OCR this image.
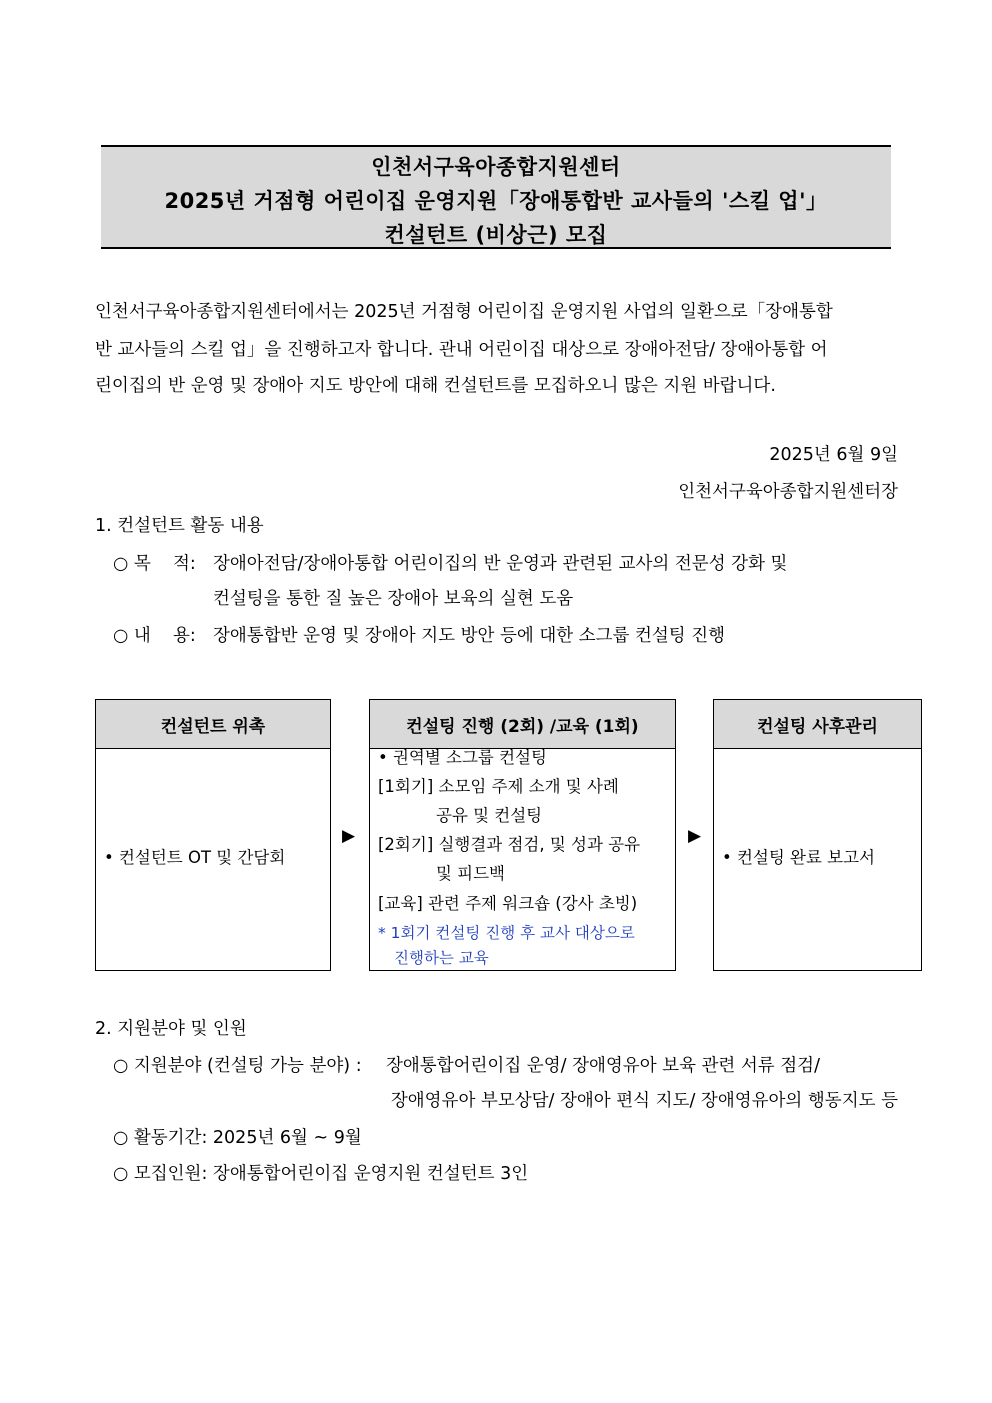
인천서구육아종합지원센터
2025년 거점형 어린이집 운영지원「장애통합반 교사들의 '스킬 업'」
컨설턴트 (비상근) 모집
인천서구육아종합지원센터에서는 2025년 거점형 어린이집 운영지원 사업의 일환으로「장애통합
반 교사들의 스킬 업」을 진행하고자 합니다. 관내 어린이집 대상으로 장애아전담/ 장애아통합 어
린이집의 반 운영 및 장애아 지도 방안에 대해 컨설턴트를 모집하오니 많은 지원 바랍니다.
2025년 6월 9일
인천서구육아종합지원센터장
1. 컨설턴트 활동 내용
○ 목    적: 장애아전담/장애아통합 어린이집의 반 운영과 관련된 교사의 전문성 강화 및
컨설팅을 통한 질 높은 장애아 보육의 실현 도움
○ 내    용: 장애통합반 운영 및 장애아 지도 방안 등에 대한 소그룹 컨설팅 진행
컨설턴트 위촉
• 컨설턴트 OT 및 간담회
▶
컨설팅 진행 (2회) /교육 (1회)
• 권역별 소그룹 컨설팅
[1회기] 소모임 주제 소개 및 사례
공유 및 컨설팅
[2회기] 실행결과 점검, 및 성과 공유
및 피드백
[교육] 관련 주제 워크숍 (강사 초빙)
* 1회기 컨설팅 진행 후 교사 대상으로
진행하는 교육
▶
컨설팅 사후관리
• 컨설팅 완료 보고서
2. 지원분야 및 인원
○ 지원분야 (컨설팅 가능 분야) : 장애통합어린이집 운영/ 장애영유아 보육 관련 서류 점검/
장애영유아 부모상담/ 장애아 편식 지도/ 장애영유아의 행동지도 등
○ 활동기간: 2025년 6월 ~ 9월
○ 모집인원: 장애통합어린이집 운영지원 컨설턴트 3인
